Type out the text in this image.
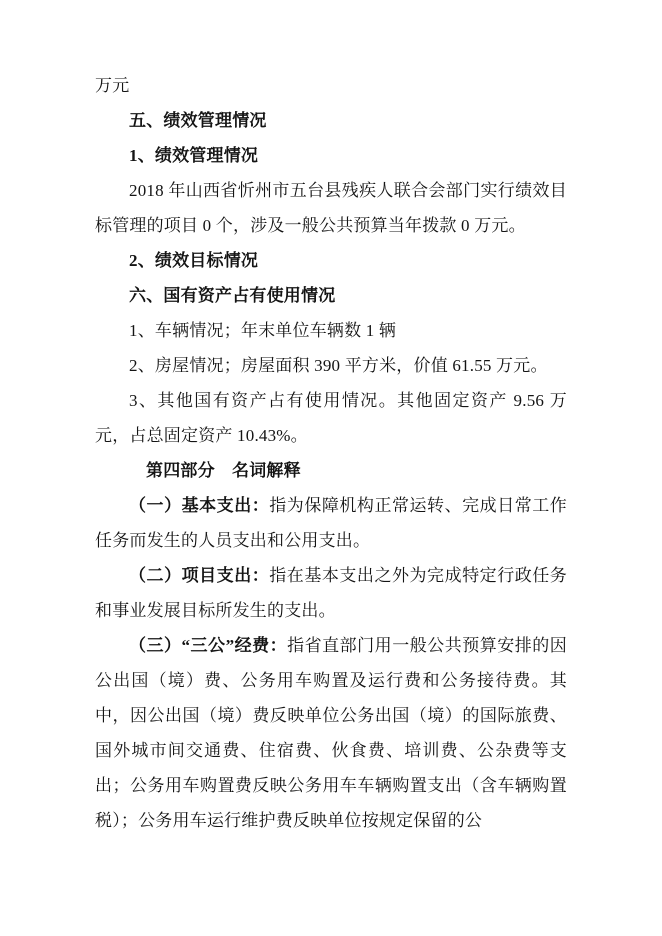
万元

五、绩效管理情况

1、绩效管理情况

2018 年山西省忻州市五台县残疾人联合会部门实行绩效目标管理的项目 0 个，涉及一般公共预算当年拨款 0 万元。

2、绩效目标情况

六、国有资产占有使用情况

1、车辆情况；年末单位车辆数 1 辆

2、房屋情况；房屋面积 390 平方米，价值 61.55 万元。

3、其他国有资产占有使用情况。其他固定资产 9.56 万元，占总固定资产 10.43%。

第四部分　名词解释

（一）基本支出：指为保障机构正常运转、完成日常工作任务而发生的人员支出和公用支出。

（二）项目支出：指在基本支出之外为完成特定行政任务和事业发展目标所发生的支出。

（三）“三公”经费：指省直部门用一般公共预算安排的因公出国（境）费、公务用车购置及运行费和公务接待费。其中，因公出国（境）费反映单位公务出国（境）的国际旅费、国外城市间交通费、住宿费、伙食费、培训费、公杂费等支出；公务用车购置费反映公务用车车辆购置支出（含车辆购置税）；公务用车运行维护费反映单位按规定保留的公
